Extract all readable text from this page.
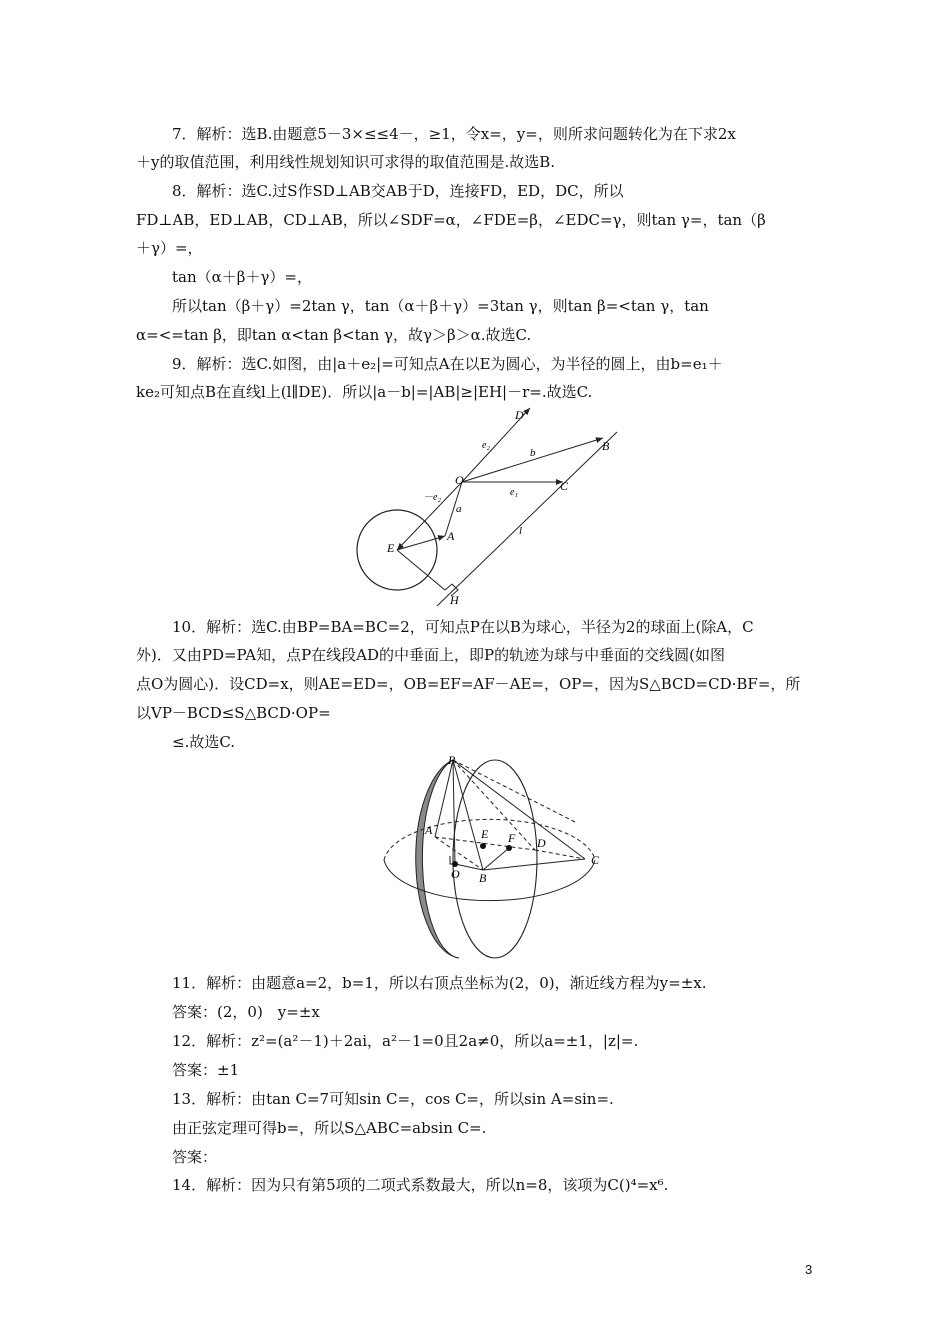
7．解析：选B.由题意5－3×≤≤4－，≥1，令x=，y=，则所求问题转化为在下求2x
＋y的取值范围，利用线性规划知识可求得的取值范围是.故选B.
8．解析：选C.过S作SD⊥AB交AB于D，连接FD，ED，DC，所以
FD⊥AB，ED⊥AB，CD⊥AB，所以∠SDF=α，∠FDE=β，∠EDC=γ，则tan γ=，tan（β
＋γ）=，
tan（α＋β＋γ）=，
所以tan（β＋γ）=2tan γ，tan（α＋β＋γ）=3tan γ，则tan β=<tan γ，tan
α=<=tan β，即tan α<tan β<tan γ，故γ＞β＞α.故选C.
9．解析：选C.如图，由|a＋e₂|=可知点A在以E为圆心，为半径的圆上，由b=e₁＋
ke₂可知点B在直线l上(l∥DE)．所以|a－b|=|AB|≥|EH|－r=.故选C.
D
B
O	C
E
A
H
e₂
b
e₁
－e₂
a
l
10．解析：选C.由BP=BA=BC=2，可知点P在以B为球心，半径为2的球面上(除A，C
外)．又由PD=PA知，点P在线段AD的中垂面上，即P的轨迹为球与中垂面的交线圆(如图
点O为圆心)．设CD=x，则AE=ED=，OB=EF=AF－AE=，OP=，因为S△BCD=CD·BF=，所
以VP－BCD≤S△BCD·OP=
≤.故选C.
P
A	E F D
C
O B
11．解析：由题意a=2，b=1，所以右顶点坐标为(2，0)，渐近线方程为y=±x.
答案：(2，0)　y=±x
12．解析：z²=(a²－1)＋2ai，a²－1=0且2a≠0，所以a=±1，|z|=.
答案：±1
13．解析：由tan C=7可知sin C=，cos C=，所以sin A=sin=.
由正弦定理可得b=，所以S△ABC=absin C=.
答案：
14．解析：因为只有第5项的二项式系数最大，所以n=8，该项为C()⁴=x⁶.
3
